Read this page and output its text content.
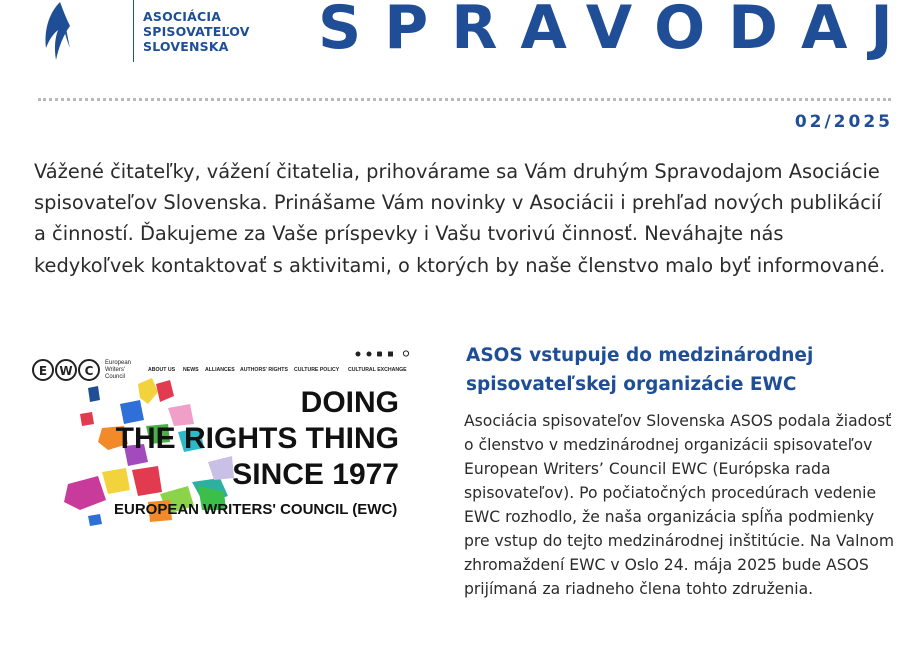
ASOCIÁCIA
SPISOVATEĽOV
SLOVENSKA	SPRAVODAJ
02/2025

Vážené čitateľky, vážení čitatelia, prihovárame sa Vám druhým Spravodajom Asociácie spisovateľov Slovenska. Prinášame Vám novinky v Asociácii i prehľad nových publikácií a činností. Ďakujeme za Vaše príspevky i Vašu tvorivú činnosť. Neváhajte nás kedykoľvek kontaktovať s aktivitami, o ktorých by naše členstvo malo byť informované.

E W C
European
Writers'
Council
ABOUT US NEWS ALLIANCES AUTHORS' RIGHTS CULTURE POLICY CULTURAL EXCHANGE
DOING
THE RIGHTS THING
SINCE 1977
EUROPEAN WRITERS' COUNCIL (EWC)
ASOS vstupuje do medzinárodnej spisovateľskej organizácie EWC

Asociácia spisovateľov Slovenska ASOS podala žiadosť o členstvo v medzinárodnej organizácii spisovateľov European Writers’ Council EWC (Európska rada spisovateľov). Po počiatočných procedúrach vedenie EWC rozhodlo, že naša organizácia spĺňa podmienky pre vstup do tejto medzinárodnej inštitúcie. Na Valnom zhromaždení EWC v Oslo 24. mája 2025 bude ASOS prijímaná za riadneho člena tohto združenia.
